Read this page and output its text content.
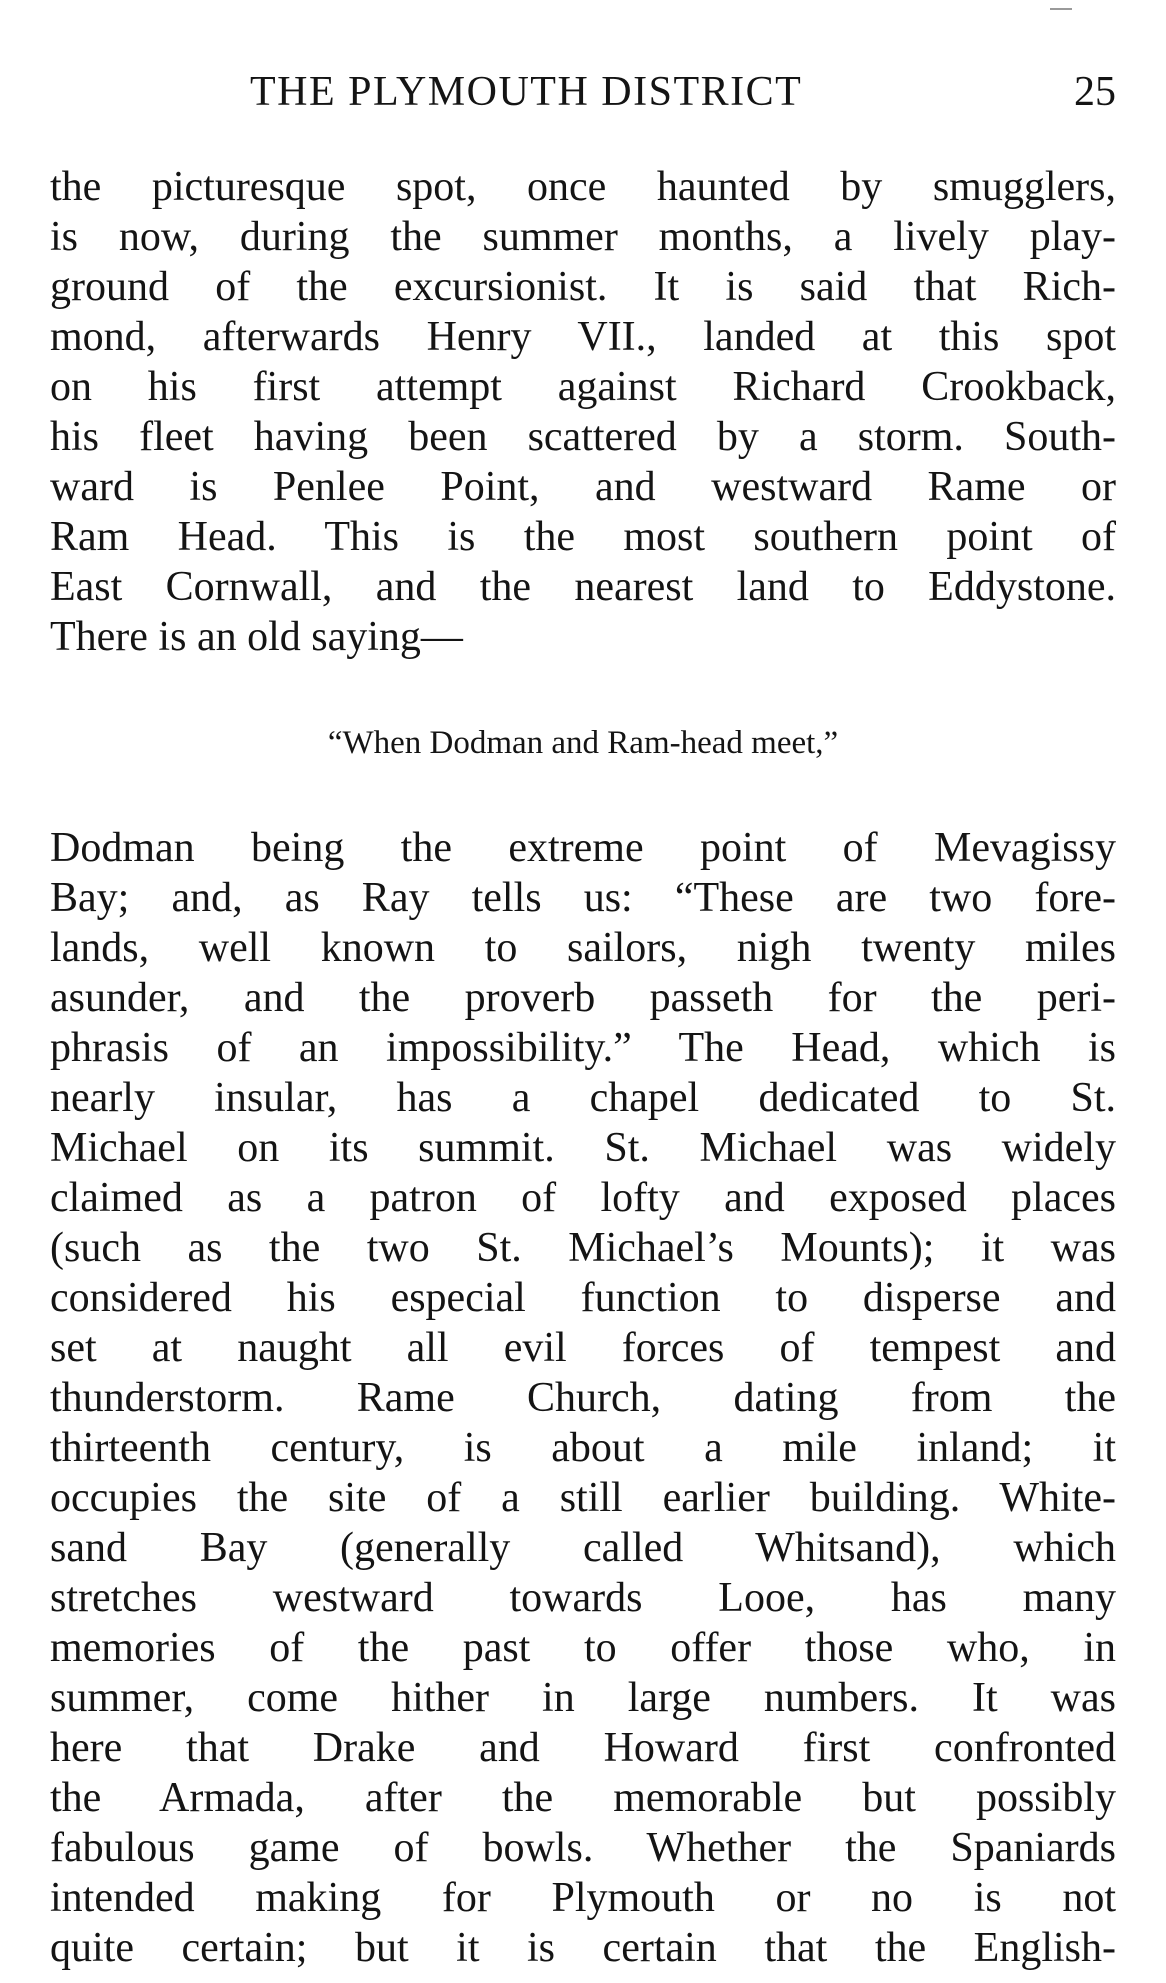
THE PLYMOUTH DISTRICT	25
the picturesque spot, once haunted by smugglers,
is now, during the summer months, a lively play-
ground of the excursionist. It is said that Rich-
mond, afterwards Henry VII., landed at this spot
on his first attempt against Richard Crookback,
his fleet having been scattered by a storm. South-
ward is Penlee Point, and westward Rame or
Ram Head. This is the most southern point of
East Cornwall, and the nearest land to Eddystone.
There is an old saying—
“When Dodman and Ram-head meet,”
Dodman being the extreme point of Mevagissy
Bay; and, as Ray tells us: “These are two fore-
lands, well known to sailors, nigh twenty miles
asunder, and the proverb passeth for the peri-
phrasis of an impossibility.” The Head, which is
nearly insular, has a chapel dedicated to St.
Michael on its summit. St. Michael was widely
claimed as a patron of lofty and exposed places
(such as the two St. Michael’s Mounts); it was
considered his especial function to disperse and
set at naught all evil forces of tempest and
thunderstorm. Rame Church, dating from the
thirteenth century, is about a mile inland; it
occupies the site of a still earlier building. White-
sand Bay (generally called Whitsand), which
stretches westward towards Looe, has many
memories of the past to offer those who, in
summer, come hither in large numbers. It was
here that Drake and Howard first confronted
the Armada, after the memorable but possibly
fabulous game of bowls. Whether the Spaniards
intended making for Plymouth or no is not
quite certain; but it is certain that the English-
